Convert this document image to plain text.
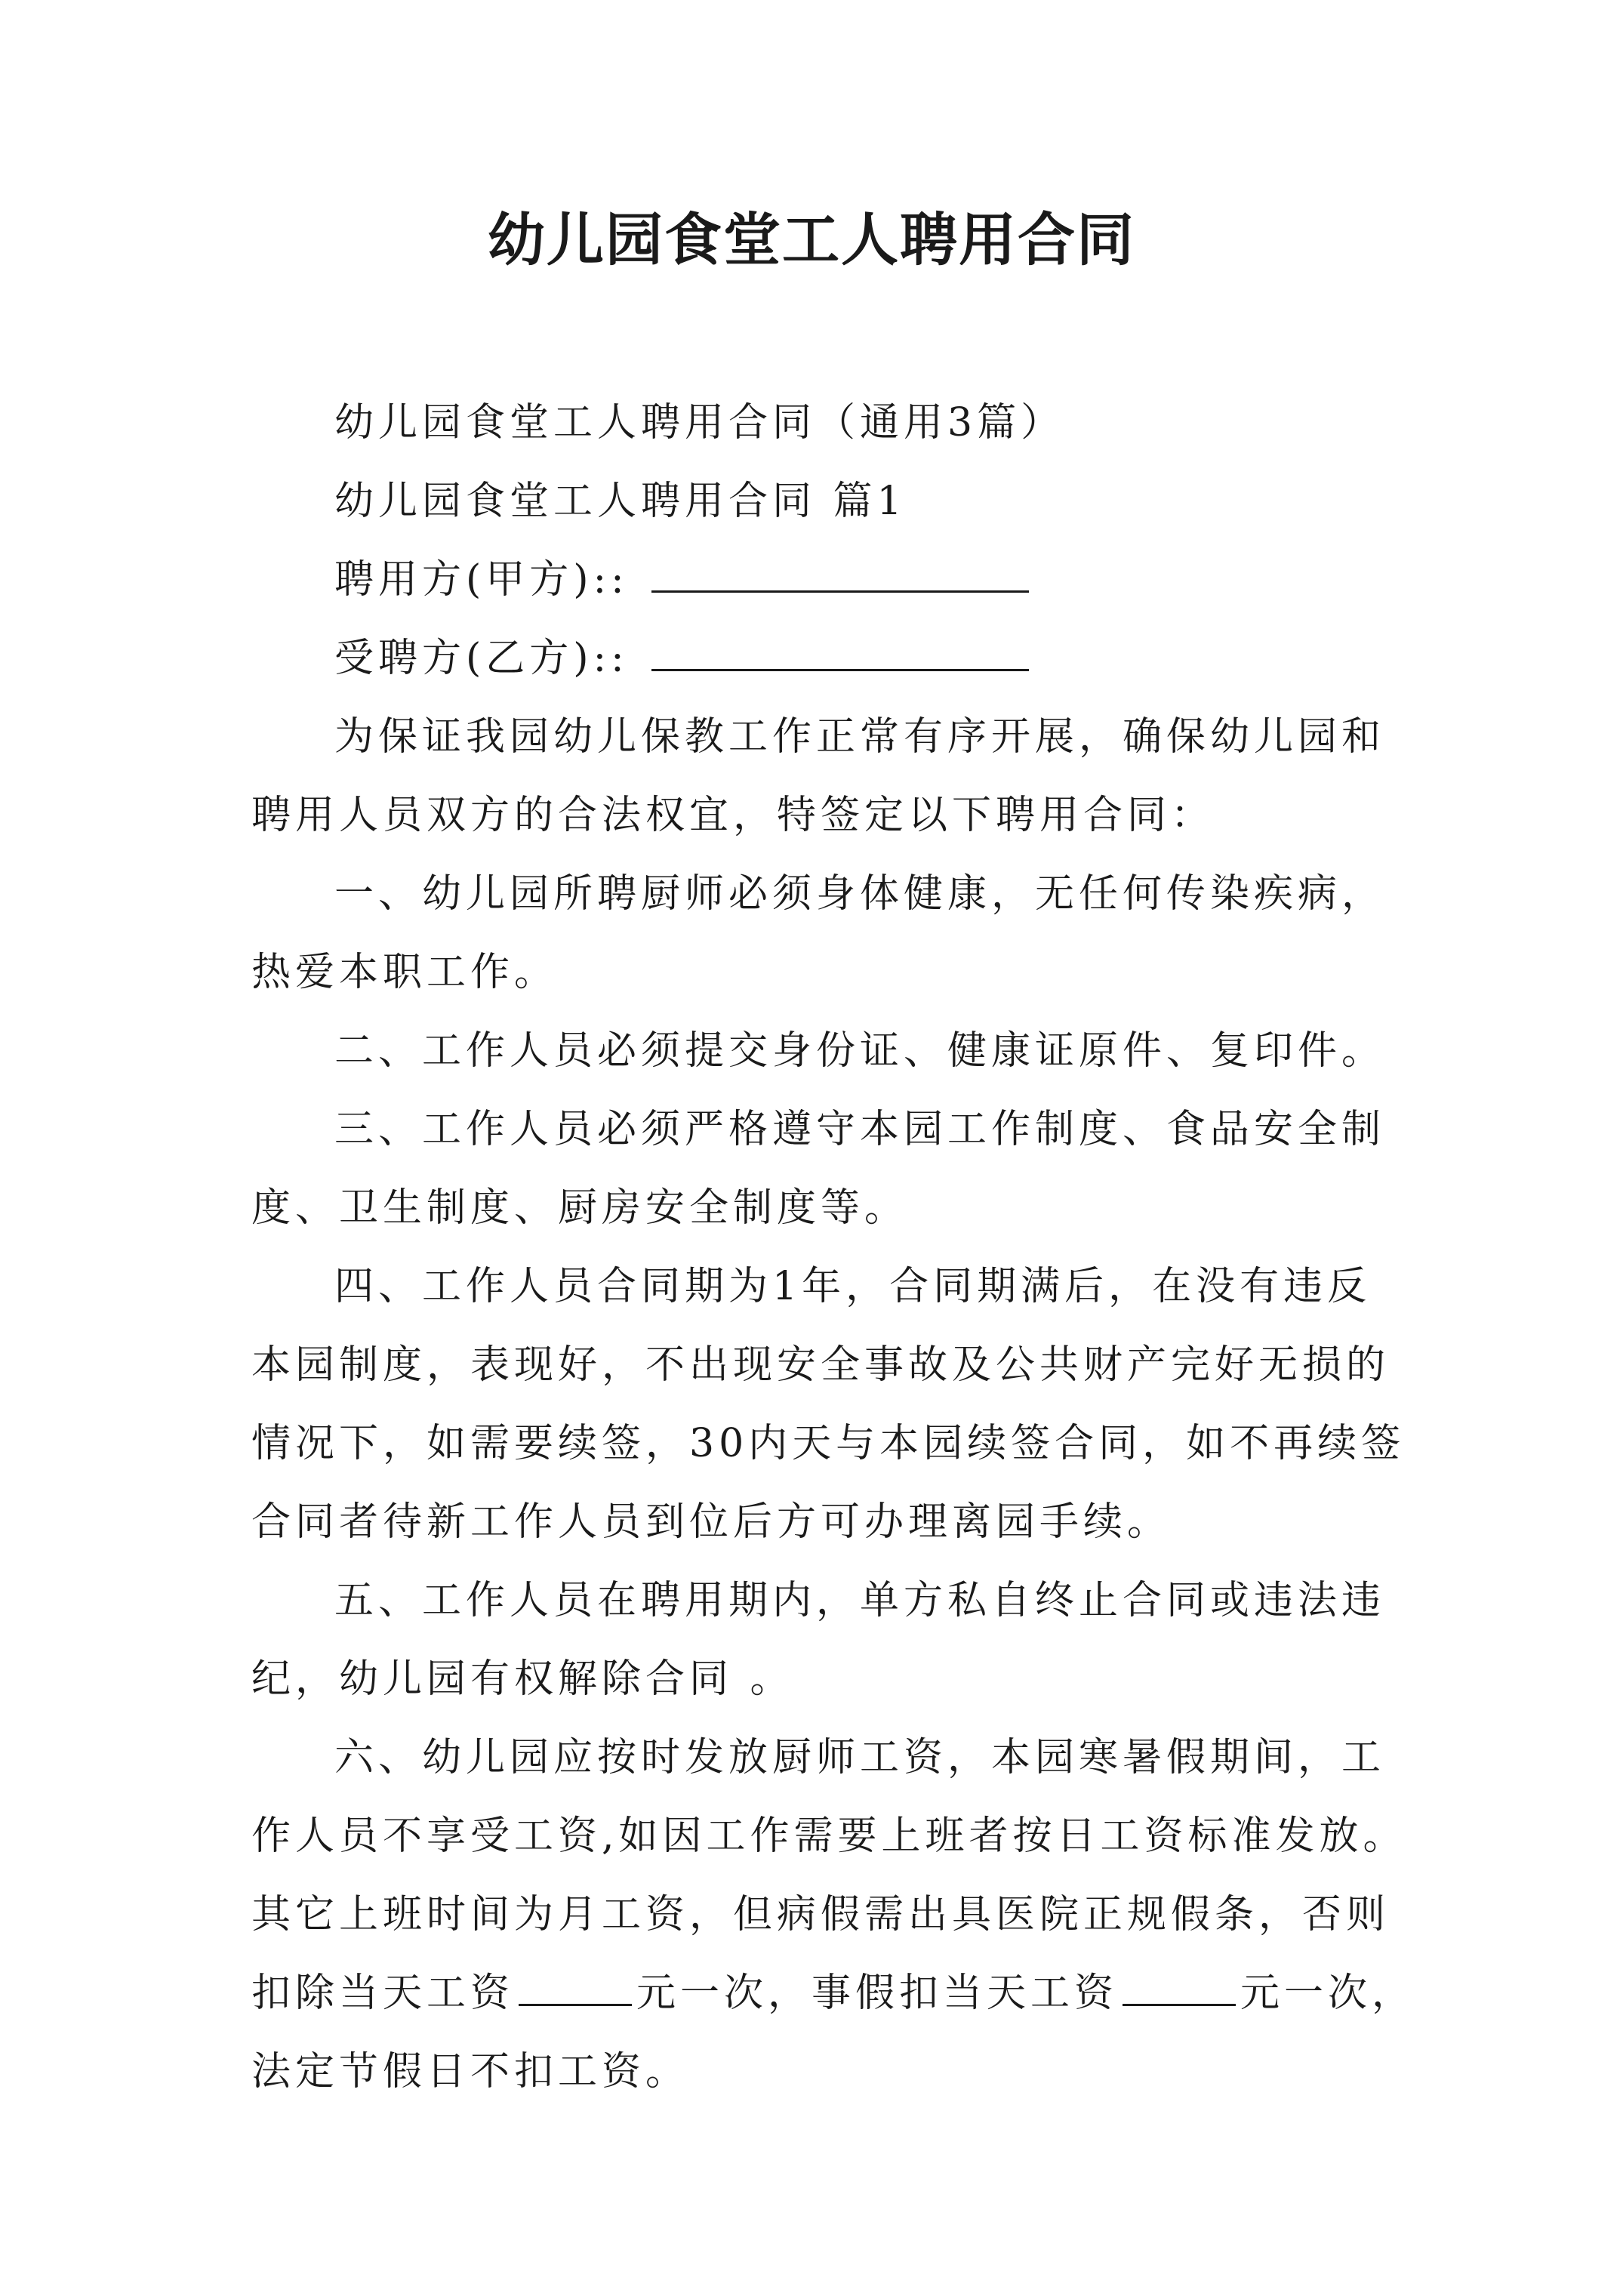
幼儿园食堂工人聘用合同
幼儿园食堂工人聘用合同（通用3篇）
幼儿园食堂工人聘用合同 篇1
聘用方(甲方)::
受聘方(乙方)::
为保证我园幼儿保教工作正常有序开展，确保幼儿园和
聘用人员双方的合法权宜，特签定以下聘用合同：
一、幼儿园所聘厨师必须身体健康，无任何传染疾病，
热爱本职工作。
二、工作人员必须提交身份证、健康证原件、复印件。
三、工作人员必须严格遵守本园工作制度、食品安全制
度、卫生制度、厨房安全制度等。
四、工作人员合同期为1年，合同期满后，在没有违反
本园制度，表现好，不出现安全事故及公共财产完好无损的
情况下，如需要续签，30内天与本园续签合同，如不再续签
合同者待新工作人员到位后方可办理离园手续。
五、工作人员在聘用期内，单方私自终止合同或违法违
纪，幼儿园有权解除合同 。
六、幼儿园应按时发放厨师工资，本园寒暑假期间，工
作人员不享受工资,如因工作需要上班者按日工资标准发放。
其它上班时间为月工资，但病假需出具医院正规假条，否则
扣除当天工资	元一次，事假扣当天工资	元一次，
法定节假日不扣工资。
